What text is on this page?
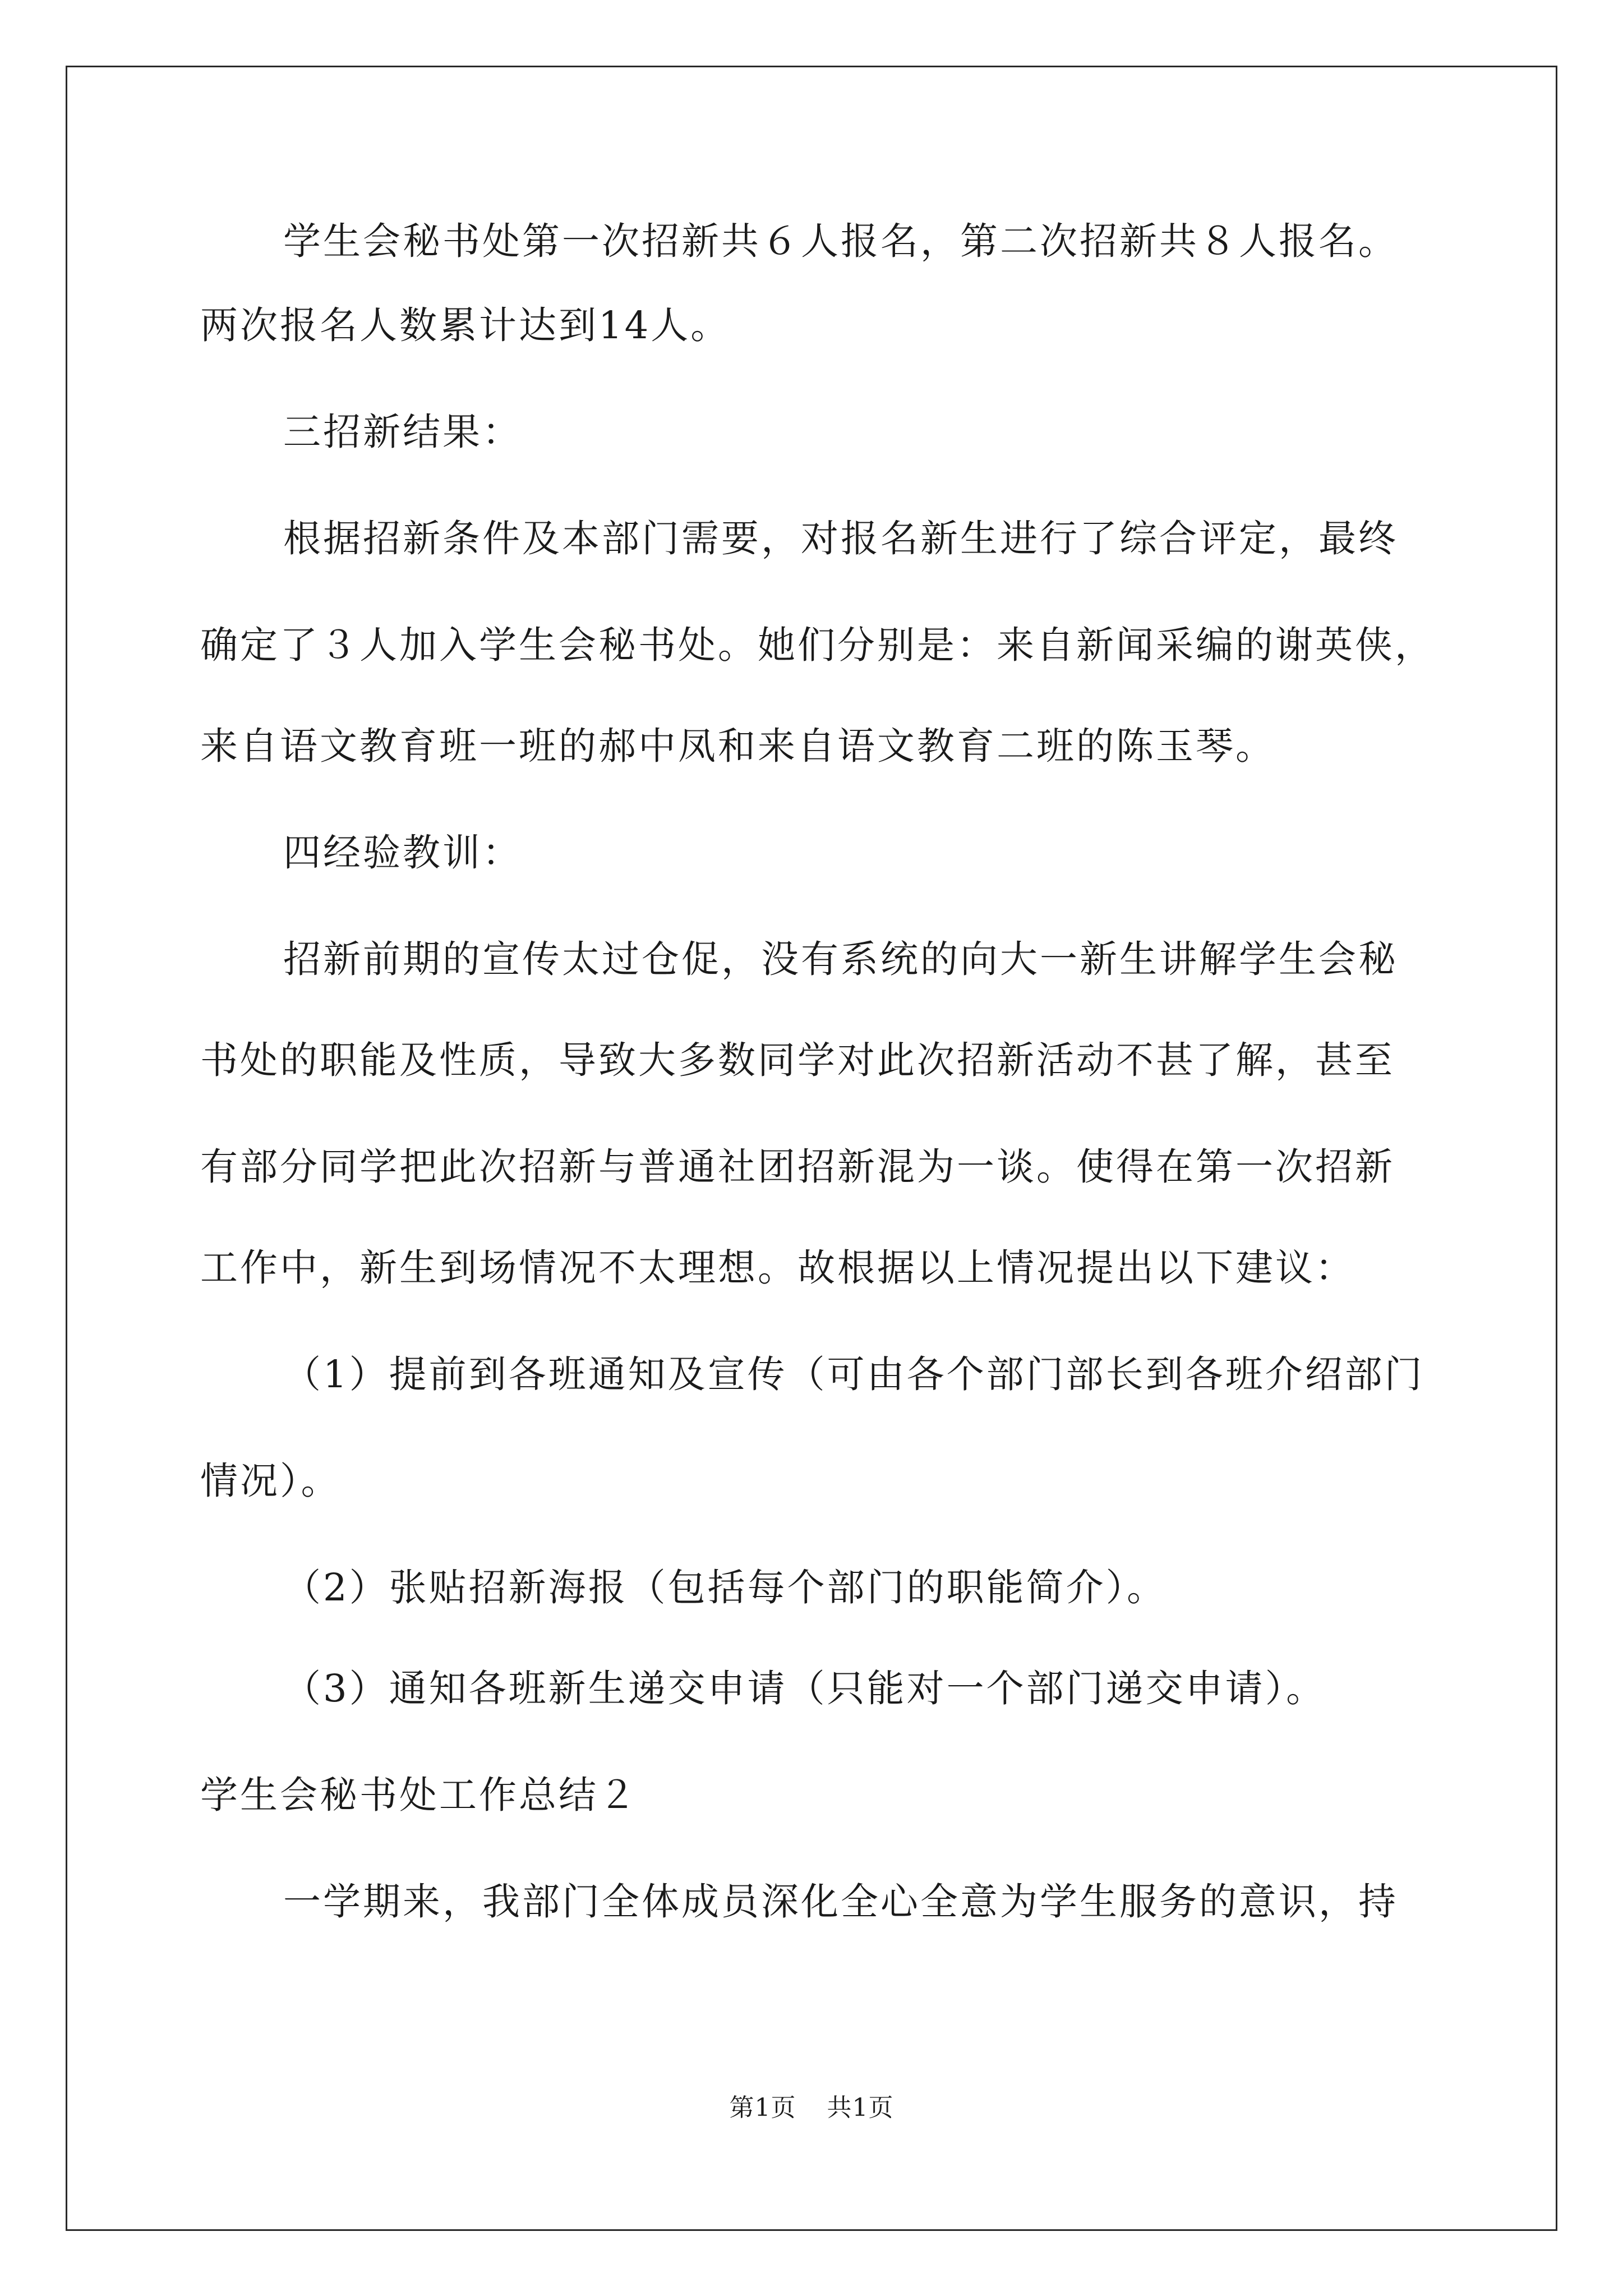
学生会秘书处第一次招新共６人报名，第二次招新共８人报名。
两次报名人数累计达到14人。
三招新结果：
根据招新条件及本部门需要，对报名新生进行了综合评定，最终
确定了３人加入学生会秘书处。她们分别是：来自新闻采编的谢英侠，
来自语文教育班一班的郝中凤和来自语文教育二班的陈玉琴。
四经验教训：
招新前期的宣传太过仓促，没有系统的向大一新生讲解学生会秘
书处的职能及性质，导致大多数同学对此次招新活动不甚了解，甚至
有部分同学把此次招新与普通社团招新混为一谈。使得在第一次招新
工作中，新生到场情况不太理想。故根据以上情况提出以下建议：
（1）提前到各班通知及宣传（可由各个部门部长到各班介绍部门
情况）。
（2）张贴招新海报（包括每个部门的职能简介）。
（3）通知各班新生递交申请（只能对一个部门递交申请）。
学生会秘书处工作总结２
一学期来，我部门全体成员深化全心全意为学生服务的意识，持
第1页 共1页
